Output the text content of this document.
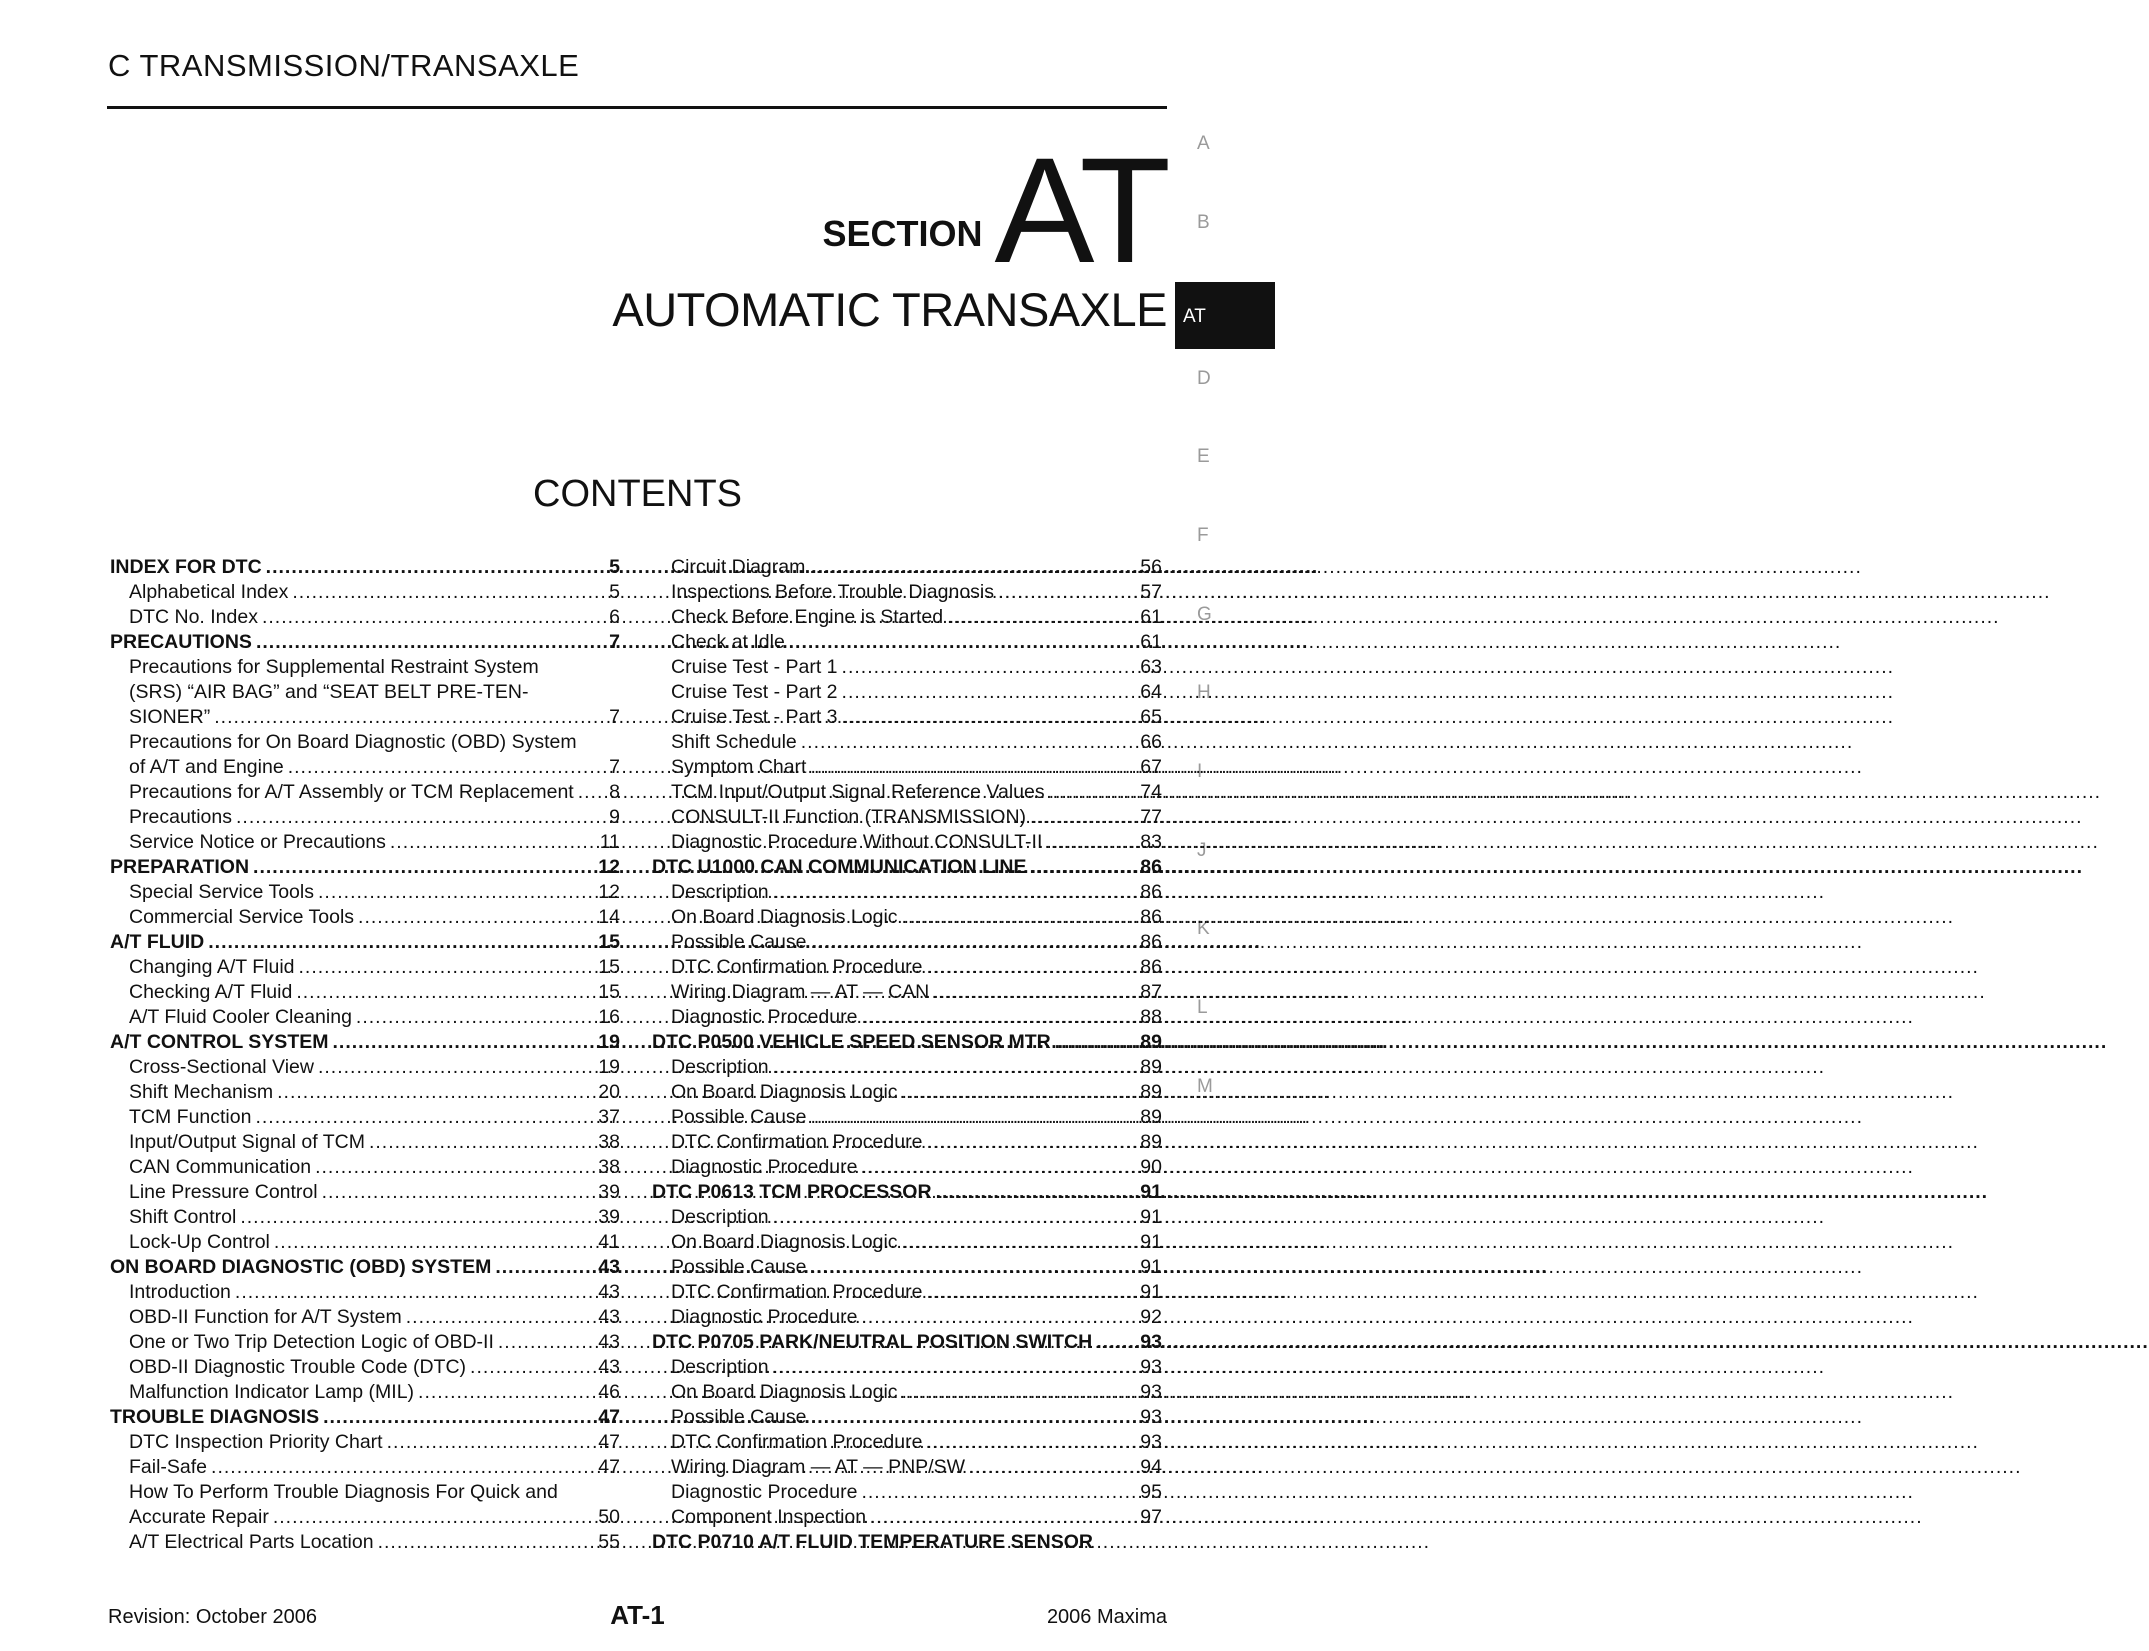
C TRANSMISSION/TRANSAXLE
SECTION AT
AUTOMATIC TRANSAXLE
A
B
AT
D
E
F
G
H
I
J
K
L
M
CONTENTS
INDEX FOR DTC .....	5
Alphabetical Index .....	5
DTC No. Index .....	6
PRECAUTIONS .....	7
Precautions for Supplemental Restraint System
(SRS) “AIR BAG” and “SEAT BELT PRE-TEN-
SIONER” .....	7
Precautions for On Board Diagnostic (OBD) System
of A/T and Engine .....	7
Precautions for A/T Assembly or TCM Replacement ..... 8
Precautions .....	9
Service Notice or Precautions .....	11
PREPARATION .....	12
Special Service Tools .....	12
Commercial Service Tools .....	14
A/T FLUID .....	15
Changing A/T Fluid .....	15
Checking A/T Fluid .....	15
A/T Fluid Cooler Cleaning .....	16
A/T CONTROL SYSTEM .....	19
Cross-Sectional View .....	19
Shift Mechanism .....	20
TCM Function .....	37
Input/Output Signal of TCM .....	38
CAN Communication .....	38
Line Pressure Control .....	39
Shift Control .....	39
Lock-Up Control .....	41
ON BOARD DIAGNOSTIC (OBD) SYSTEM .....	43
Introduction .....	43
OBD-II Function for A/T System .....	43
One or Two Trip Detection Logic of OBD-II .....	43
OBD-II Diagnostic Trouble Code (DTC) .....	43
Malfunction Indicator Lamp (MIL) .....	46
TROUBLE DIAGNOSIS .....	47
DTC Inspection Priority Chart .....	47
Fail-Safe .....	47
How To Perform Trouble Diagnosis For Quick and
Accurate Repair .....	50
A/T Electrical Parts Location .....	55
Circuit Diagram .....	56
Inspections Before Trouble Diagnosis .....	57
Check Before Engine is Started .....	61
Check at Idle .....	61
Cruise Test - Part 1 .....	63
Cruise Test - Part 2 .....	64
Cruise Test - Part 3 .....	65
Shift Schedule .....	66
Symptom Chart .....	67
TCM Input/Output Signal Reference Values .....	74
CONSULT-II Function (TRANSMISSION) .....	77
Diagnostic Procedure Without CONSULT-II .....	83
DTC U1000 CAN COMMUNICATION LINE .....	86
Description .....	86
On Board Diagnosis Logic .....	86
Possible Cause .....	86
DTC Confirmation Procedure .....	86
Wiring Diagram — AT — CAN .....	87
Diagnostic Procedure .....	88
DTC P0500 VEHICLE SPEED SENSOR MTR .....	89
Description .....	89
On Board Diagnosis Logic .....	89
Possible Cause .....	89
DTC Confirmation Procedure .....	89
Diagnostic Procedure .....	90
DTC P0613 TCM PROCESSOR .....	91
Description .....	91
On Board Diagnosis Logic .....	91
Possible Cause .....	91
DTC Confirmation Procedure .....	91
Diagnostic Procedure .....	92
DTC P0705 PARK/NEUTRAL POSITION SWITCH ..... 93
Description .....	93
On Board Diagnosis Logic .....	93
Possible Cause .....	93
DTC Confirmation Procedure .....	93
Wiring Diagram — AT — PNP/SW .....	94
Diagnostic Procedure .....	95
Component Inspection .....	97
DTC P0710 A/T FLUID TEMPERATURE SENSOR
Revision: October 2006	AT-1	2006 Maxima
